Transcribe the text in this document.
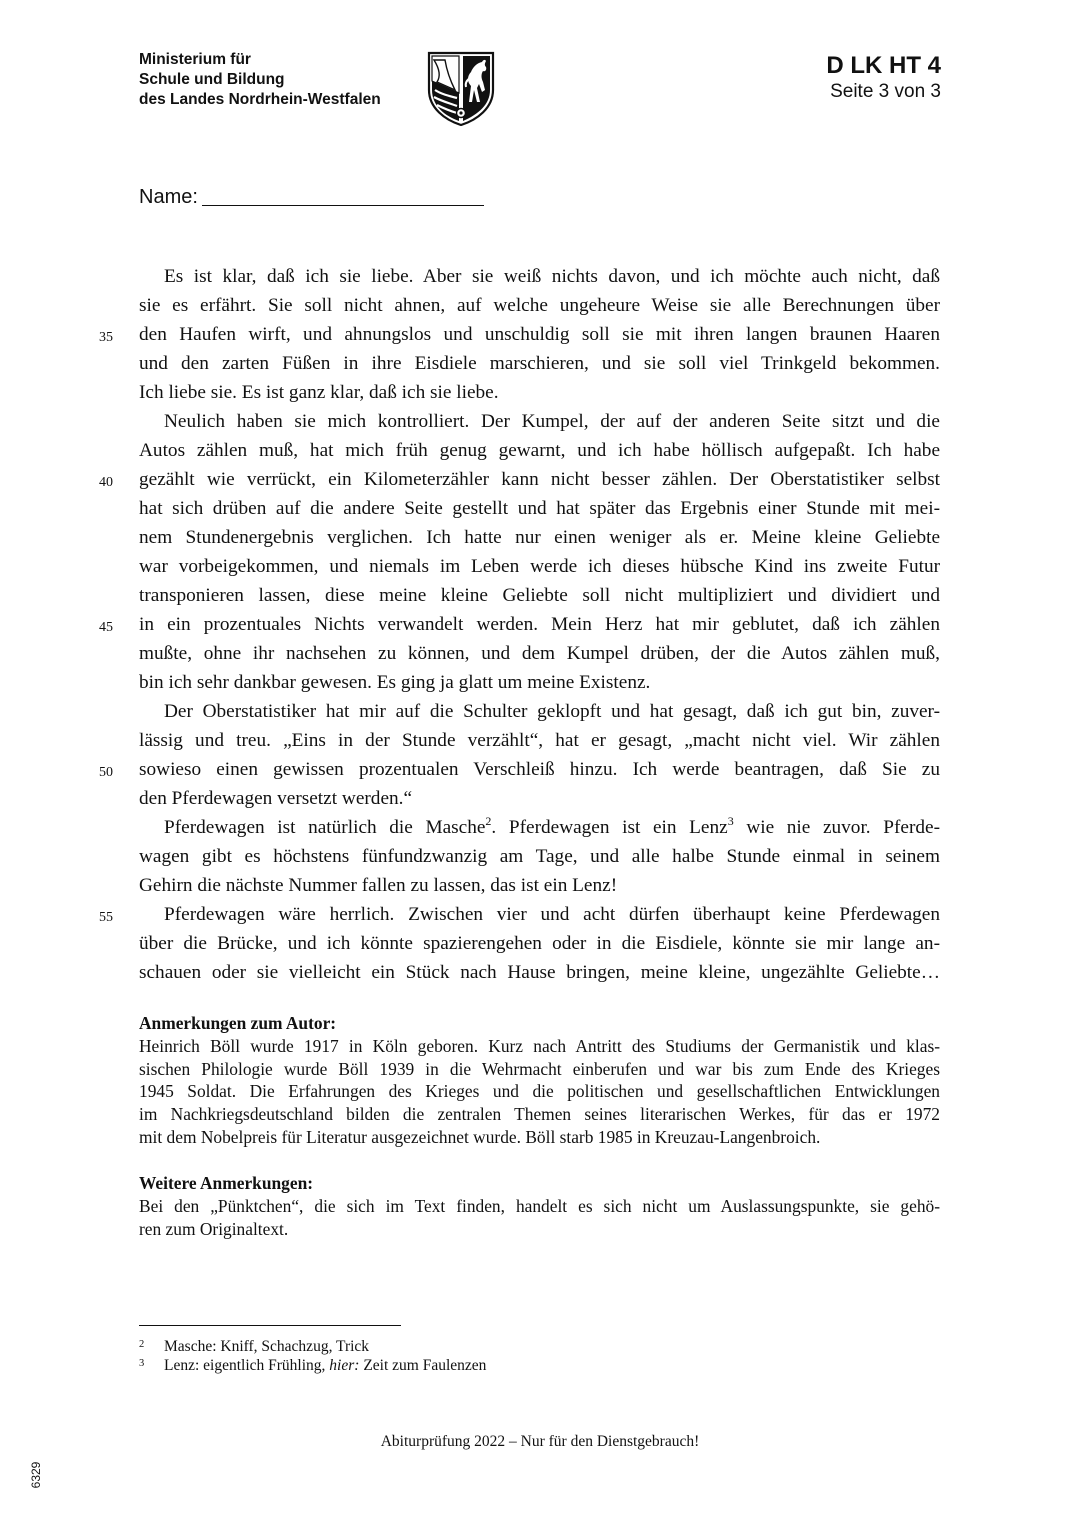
Ministerium für
Schule und Bildung
des Landes Nordrhein-Westfalen
D LK HT 4
Seite 3 von 3
Name:
Es ist klar, daß ich sie liebe. Aber sie weiß nichts davon, und ich möchte auch nicht, daß
sie es erfährt. Sie soll nicht ahnen, auf welche ungeheure Weise sie alle Berechnungen über
den Haufen wirft, und ahnungslos und unschuldig soll sie mit ihren langen braunen Haaren
und den zarten Füßen in ihre Eisdiele marschieren, und sie soll viel Trinkgeld bekommen.
Ich liebe sie. Es ist ganz klar, daß ich sie liebe.
Neulich haben sie mich kontrolliert. Der Kumpel, der auf der anderen Seite sitzt und die
Autos zählen muß, hat mich früh genug gewarnt, und ich habe höllisch aufgepaßt. Ich habe
gezählt wie verrückt, ein Kilometerzähler kann nicht besser zählen. Der Oberstatistiker selbst
hat sich drüben auf die andere Seite gestellt und hat später das Ergebnis einer Stunde mit mei-
nem Stundenergebnis verglichen. Ich hatte nur einen weniger als er. Meine kleine Geliebte
war vorbeigekommen, und niemals im Leben werde ich dieses hübsche Kind ins zweite Futur
transponieren lassen, diese meine kleine Geliebte soll nicht multipliziert und dividiert und
in ein prozentuales Nichts verwandelt werden. Mein Herz hat mir geblutet, daß ich zählen
mußte, ohne ihr nachsehen zu können, und dem Kumpel drüben, der die Autos zählen muß,
bin ich sehr dankbar gewesen. Es ging ja glatt um meine Existenz.
Der Oberstatistiker hat mir auf die Schulter geklopft und hat gesagt, daß ich gut bin, zuver-
lässig und treu. „Eins in der Stunde verzählt“, hat er gesagt, „macht nicht viel. Wir zählen
sowieso einen gewissen prozentualen Verschleiß hinzu. Ich werde beantragen, daß Sie zu
den Pferdewagen versetzt werden.“
Pferdewagen ist natürlich die Masche$^2$. Pferdewagen ist ein Lenz$^3$ wie nie zuvor. Pferde-
wagen gibt es höchstens fünfundzwanzig am Tage, und alle halbe Stunde einmal in seinem
Gehirn die nächste Nummer fallen zu lassen, das ist ein Lenz!
Pferdewagen wäre herrlich. Zwischen vier und acht dürfen überhaupt keine Pferdewagen
über die Brücke, und ich könnte spazierengehen oder in die Eisdiele, könnte sie mir lange an-
schauen oder sie vielleicht ein Stück nach Hause bringen, meine kleine, ungezählte Geliebte…
35
40
45
50
55
Anmerkungen zum Autor:
Heinrich Böll wurde 1917 in Köln geboren. Kurz nach Antritt des Studiums der Germanistik und klas-
sischen Philologie wurde Böll 1939 in die Wehrmacht einberufen und war bis zum Ende des Krieges
1945 Soldat. Die Erfahrungen des Krieges und die politischen und gesellschaftlichen Entwicklungen
im Nachkriegsdeutschland bilden die zentralen Themen seines literarischen Werkes, für das er 1972
mit dem Nobelpreis für Literatur ausgezeichnet wurde. Böll starb 1985 in Kreuzau-Langenbroich.
Weitere Anmerkungen:
Bei den „Pünktchen“, die sich im Text finden, handelt es sich nicht um Auslassungspunkte, sie gehö-
ren zum Originaltext.
2 Masche: Kniff, Schachzug, Trick
3 Lenz: eigentlich Frühling, hier: Zeit zum Faulenzen
Abiturprüfung 2022 – Nur für den Dienstgebrauch!
6329
